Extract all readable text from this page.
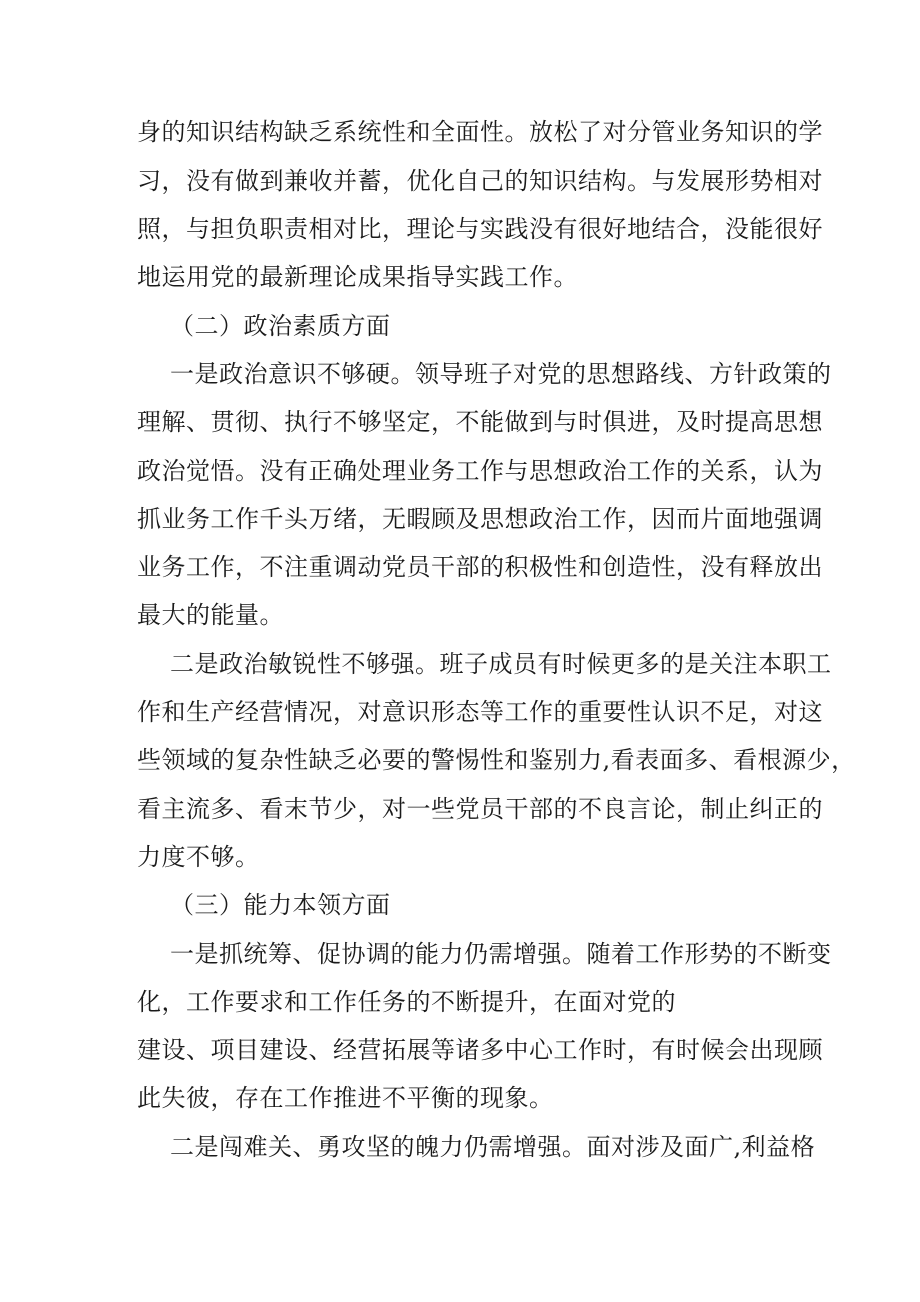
身的知识结构缺乏系统性和全面性。放松了对分管业务知识的学
习，没有做到兼收并蓄，优化自己的知识结构。与发展形势相对
照，与担负职责相对比，理论与实践没有很好地结合，没能很好
地运用党的最新理论成果指导实践工作。
（二）政治素质方面
一是政治意识不够硬。领导班子对党的思想路线、方针政策的
理解、贯彻、执行不够坚定，不能做到与时俱进，及时提高思想
政治觉悟。没有正确处理业务工作与思想政治工作的关系，认为
抓业务工作千头万绪，无暇顾及思想政治工作，因而片面地强调
业务工作，不注重调动党员干部的积极性和创造性，没有释放出
最大的能量。
二是政治敏锐性不够强。班子成员有时候更多的是关注本职工
作和生产经营情况，对意识形态等工作的重要性认识不足，对这
些领域的复杂性缺乏必要的警惕性和鉴别力,看表面多、看根源少，
看主流多、看末节少，对一些党员干部的不良言论，制止纠正的
力度不够。
（三）能力本领方面
一是抓统筹、促协调的能力仍需增强。随着工作形势的不断变
化，工作要求和工作任务的不断提升，在面对党的
建设、项目建设、经营拓展等诸多中心工作时，有时候会出现顾
此失彼，存在工作推进不平衡的现象。
二是闯难关、勇攻坚的魄力仍需增强。面对涉及面广,利益格
